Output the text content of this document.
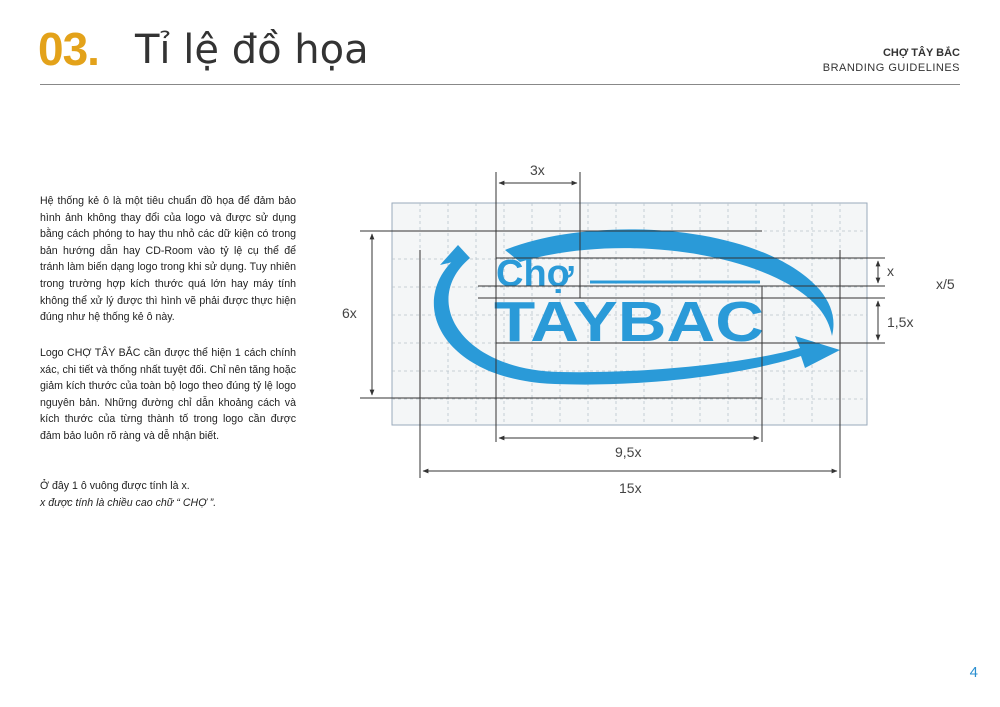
03. Tỉ lệ đồ họa	CHỢ TÂY BẮC
BRANDING GUIDELINES
Hệ thống kẻ ô là một tiêu chuẩn đồ họa để đảm bảo hình ảnh không thay đổi của logo và được sử dụng bằng cách phóng to hay thu nhỏ các dữ kiện có trong bản hướng dẫn hay CD-Room vào tỷ lệ cụ thể để tránh làm biến dạng logo trong khi sử dụng. Tuy nhiên trong trường hợp kích thước quá lớn hay máy tính không thể xử lý được thì hình vẽ phải được thực hiện đúng như hệ thống kẻ ô này.
Logo CHỢ TÂY BẮC cần được thể hiện 1 cách chính xác, chi tiết và thống nhất tuyệt đối. Chỉ nên tăng hoặc giảm kích thước của toàn bộ logo theo đúng tỷ lệ logo nguyên bản. Những đường chỉ dẫn khoảng cách và kích thước của từng thành tố trong logo cần được đảm bảo luôn rõ ràng và dễ nhận biết.
Ở đây 1 ô vuông được tính là x.
x được tính là chiều cao chữ “ CHỢ ”.
Chợ
TAYBAC
3x
6x
x
x/5
1,5x
9,5x
15x
4
